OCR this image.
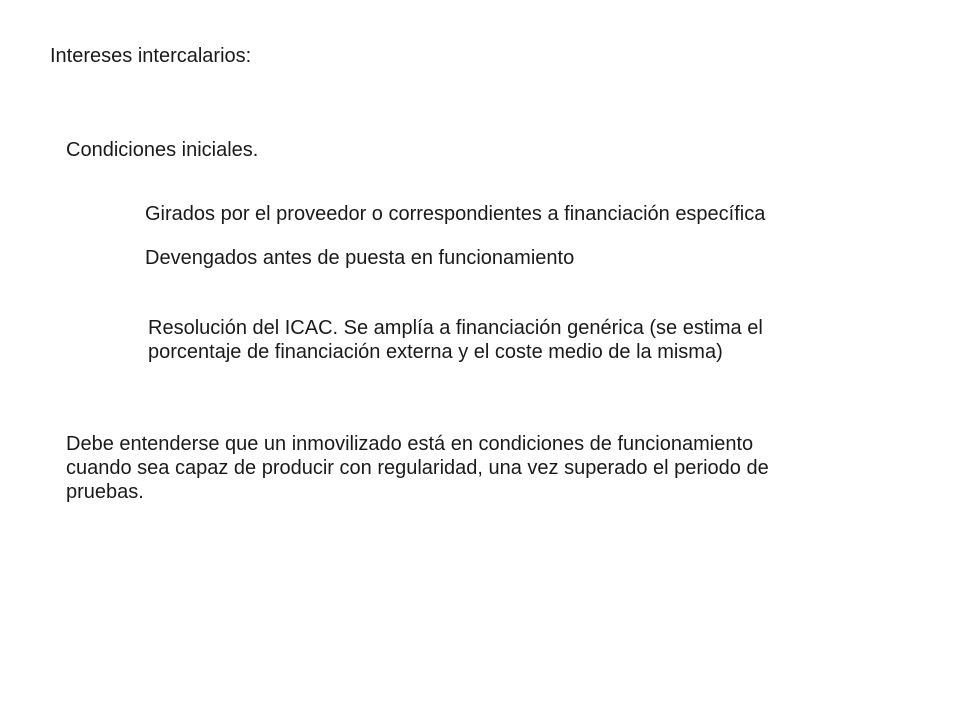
Intereses intercalarios:

Condiciones iniciales.

Girados por el proveedor o correspondientes a financiación específica

Devengados antes de puesta en funcionamiento

Resolución del ICAC. Se amplía a financiación genérica (se estima el
porcentaje de financiación externa y el coste medio de la misma)
Debe entenderse que un inmovilizado está en condiciones de funcionamiento
cuando sea capaz de producir con regularidad, una vez superado el periodo de
pruebas.
